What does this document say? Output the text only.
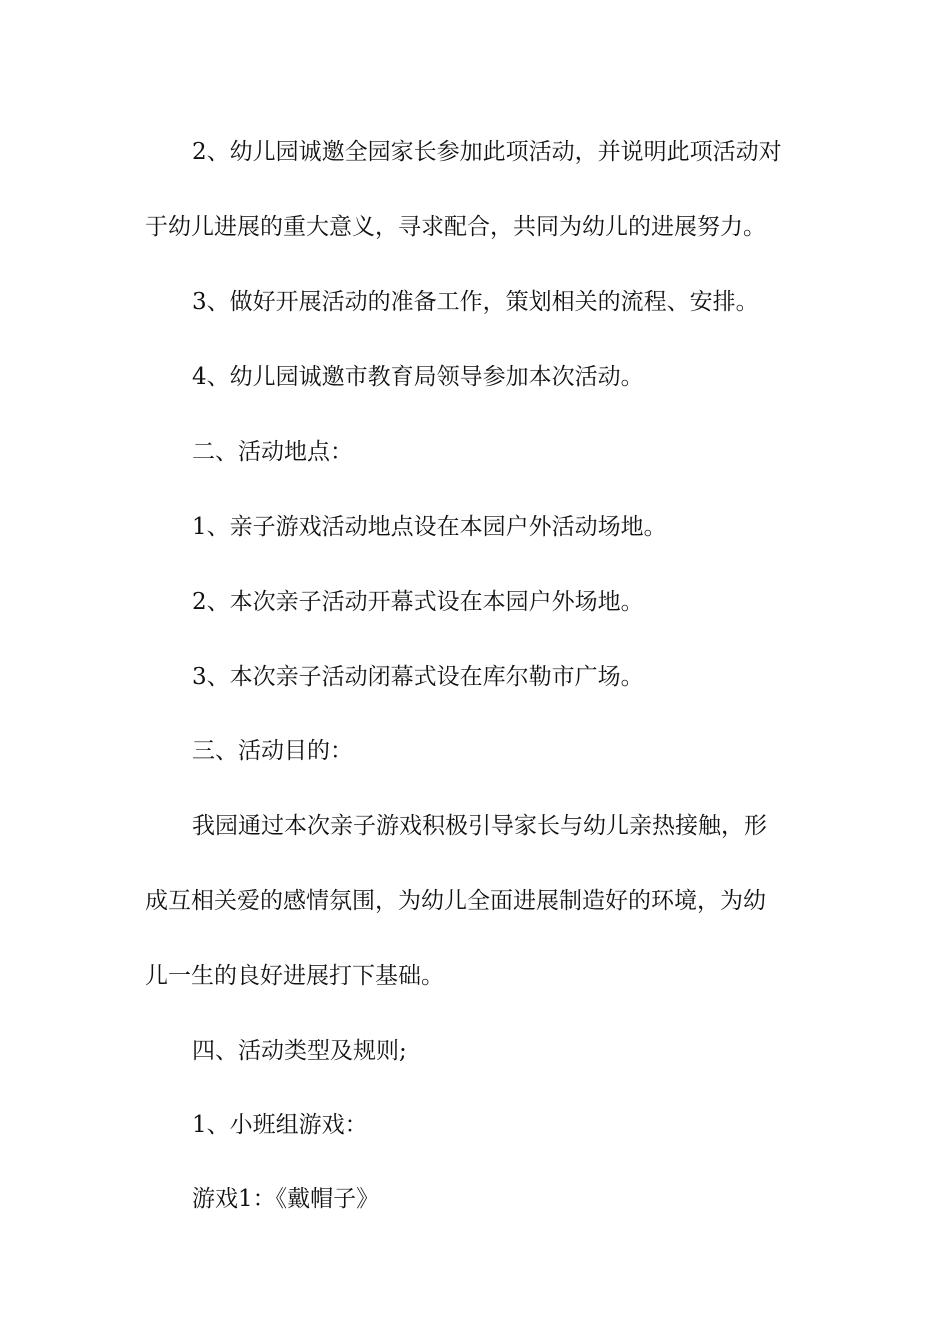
2、幼儿园诚邀全园家长参加此项活动，并说明此项活动对

于幼儿进展的重大意义，寻求配合，共同为幼儿的进展努力。

3、做好开展活动的准备工作，策划相关的流程、安排。

4、幼儿园诚邀市教育局领导参加本次活动。

二、活动地点：

1、亲子游戏活动地点设在本园户外活动场地。

2、本次亲子活动开幕式设在本园户外场地。

3、本次亲子活动闭幕式设在库尔勒市广场。

三、活动目的：

我园通过本次亲子游戏积极引导家长与幼儿亲热接触，形

成互相关爱的感情氛围，为幼儿全面进展制造好的环境，为幼

儿一生的良好进展打下基础。

四、活动类型及规则;

1、小班组游戏：

游戏1：《戴帽子》
